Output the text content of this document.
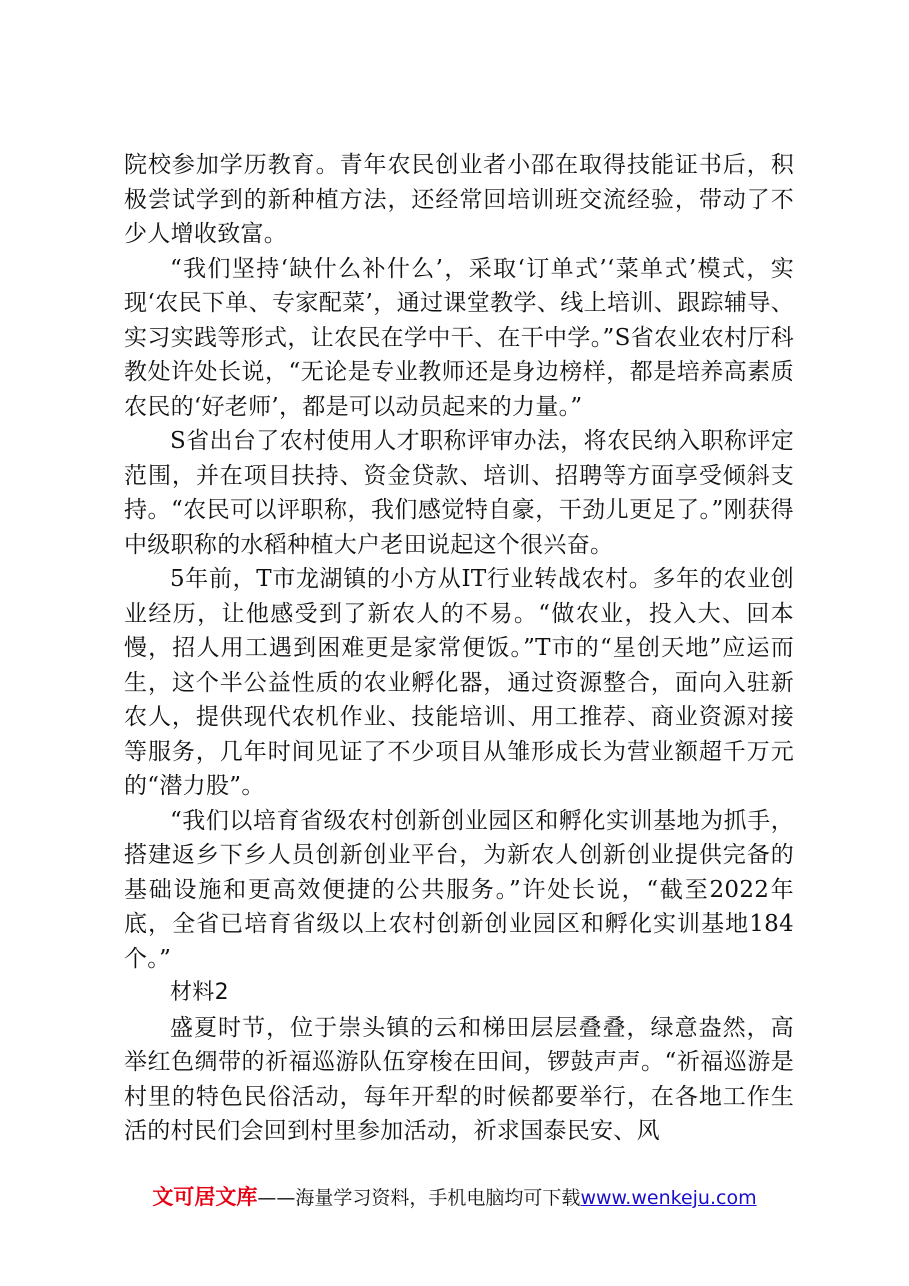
院校参加学历教育。青年农民创业者小邵在取得技能证书后，积极尝试学到的新种植方法，还经常回培训班交流经验，带动了不少人增收致富。

“我们坚持‘缺什么补什么’，采取‘订单式’‘菜单式’模式，实现‘农民下单、专家配菜’，通过课堂教学、线上培训、跟踪辅导、实习实践等形式，让农民在学中干、在干中学。”S省农业农村厅科教处许处长说，“无论是专业教师还是身边榜样，都是培养高素质农民的‘好老师’，都是可以动员起来的力量。”

S省出台了农村使用人才职称评审办法，将农民纳入职称评定范围，并在项目扶持、资金贷款、培训、招聘等方面享受倾斜支持。“农民可以评职称，我们感觉特自豪，干劲儿更足了。”刚获得中级职称的水稻种植大户老田说起这个很兴奋。

5年前，T市龙湖镇的小方从IT行业转战农村。多年的农业创业经历，让他感受到了新农人的不易。“做农业，投入大、回本慢，招人用工遇到困难更是家常便饭。”T市的“星创天地”应运而生，这个半公益性质的农业孵化器，通过资源整合，面向入驻新农人，提供现代农机作业、技能培训、用工推荐、商业资源对接等服务，几年时间见证了不少项目从雏形成长为营业额超千万元的“潜力股”。

“我们以培育省级农村创新创业园区和孵化实训基地为抓手，搭建返乡下乡人员创新创业平台，为新农人创新创业提供完备的基础设施和更高效便捷的公共服务。”许处长说，“截至2022年底，全省已培育省级以上农村创新创业园区和孵化实训基地184个。”

材料2

盛夏时节，位于崇头镇的云和梯田层层叠叠，绿意盎然，高举红色绸带的祈福巡游队伍穿梭在田间，锣鼓声声。“祈福巡游是村里的特色民俗活动，每年开犁的时候都要举行，在各地工作生活的村民们会回到村里参加活动，祈求国泰民安、风

文可居文库——海量学习资料，手机电脑均可下载www.wenkeju.com
